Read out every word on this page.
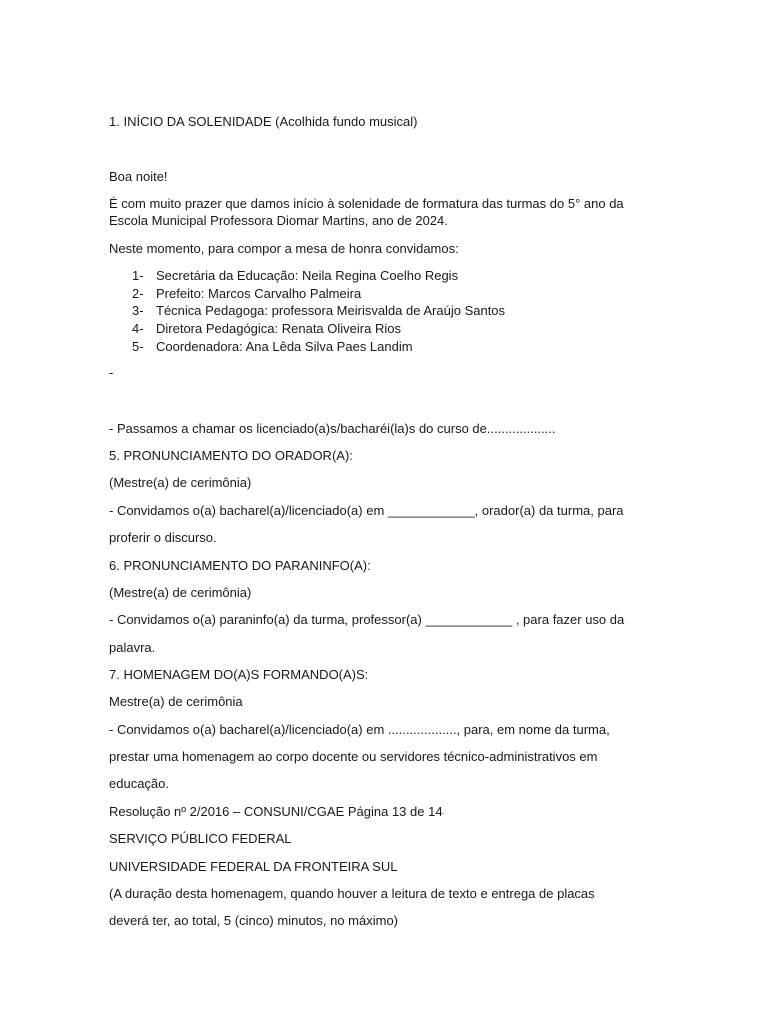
1. INÍCIO DA SOLENIDADE (Acolhida fundo musical)
Boa noite!
É com muito prazer que damos início à solenidade de formatura das turmas do 5° ano da
Escola Municipal Professora Diomar Martins, ano de 2024.
Neste momento, para compor a mesa de honra convidamos:
1- Secretária da Educação: Neila Regina Coelho Regis
2- Prefeito: Marcos Carvalho Palmeira
3- Técnica Pedagoga: professora Meirisvalda de Araújo Santos
4- Diretora Pedagógica: Renata Oliveira Rios
5- Coordenadora: Ana Lêda Silva Paes Landim
-
- Passamos a chamar os licenciado(a)s/bacharéi(la)s do curso de...................
5. PRONUNCIAMENTO DO ORADOR(A):
(Mestre(a) de cerimônia)
- Convidamos o(a) bacharel(a)/licenciado(a) em ____________, orador(a) da turma, para
proferir o discurso.
6. PRONUNCIAMENTO DO PARANINFO(A):
(Mestre(a) de cerimônia)
- Convidamos o(a) paraninfo(a) da turma, professor(a) ____________ , para fazer uso da
palavra.
7. HOMENAGEM DO(A)S FORMANDO(A)S:
Mestre(a) de cerimônia
- Convidamos o(a) bacharel(a)/licenciado(a) em ..................., para, em nome da turma,
prestar uma homenagem ao corpo docente ou servidores técnico-administrativos em
educação.
Resolução nº 2/2016 – CONSUNI/CGAE Página 13 de 14
SERVIÇO PÚBLICO FEDERAL
UNIVERSIDADE FEDERAL DA FRONTEIRA SUL
(A duração desta homenagem, quando houver a leitura de texto e entrega de placas
deverá ter, ao total, 5 (cinco) minutos, no máximo)
